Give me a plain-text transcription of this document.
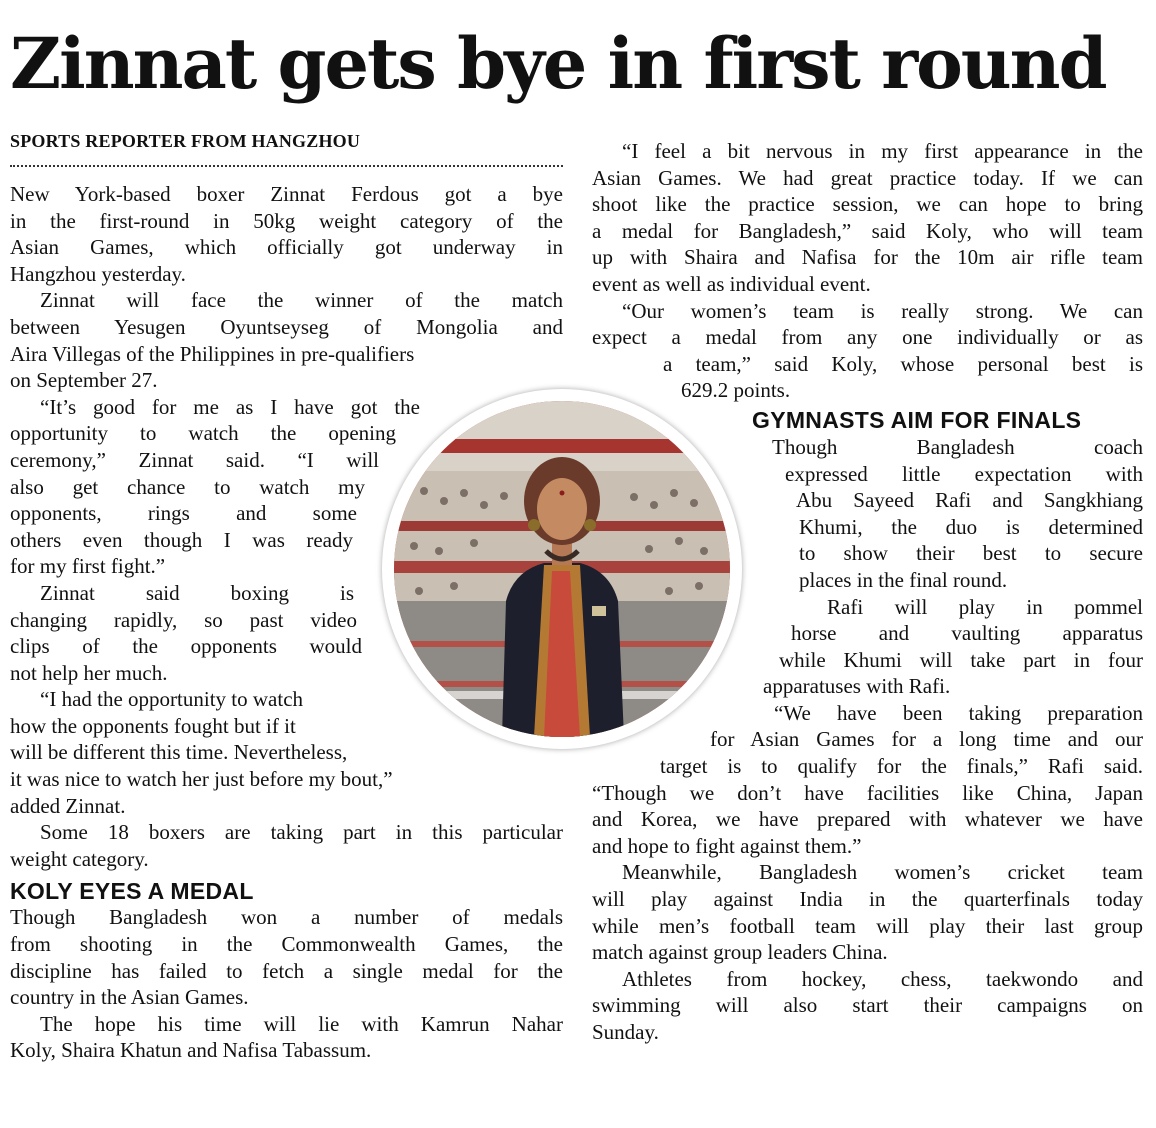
Zinnat gets bye in first round
SPORTS REPORTER FROM HANGZHOU

New York-based boxer Zinnat Ferdous got a bye
in the first-round in 50kg weight category of the
Asian Games, which officially got underway in
Hangzhou yesterday.

Zinnat will face the winner of the match
between Yesugen Oyuntseyseg of Mongolia and
Aira Villegas of the Philippines in pre-qualifiers
on September 27.

“It’s good for me as I have got the
opportunity to watch the opening
ceremony,” Zinnat said. “I will
also get chance to watch my
opponents, rings and some
others even though I was ready
for my first fight.”

Zinnat said boxing is
changing rapidly, so past video
clips of the opponents would
not help her much.

“I had the opportunity to watch
how the opponents fought but if it
will be different this time. Nevertheless,
it was nice to watch her just before my bout,”
added Zinnat.

Some 18 boxers are taking part in this particular
weight category.

KOLY EYES A MEDAL

Though Bangladesh won a number of medals
from shooting in the Commonwealth Games, the
discipline has failed to fetch a single medal for the
country in the Asian Games.

The hope his time will lie with Kamrun Nahar
Koly, Shaira Khatun and Nafisa Tabassum.

“I feel a bit nervous in my first appearance in the
Asian Games. We had great practice today. If we can
shoot like the practice session, we can hope to bring
a medal for Bangladesh,” said Koly, who will team
up with Shaira and Nafisa for the 10m air rifle team
event as well as individual event.

“Our women’s team is really strong. We can
expect a medal from any one individually or as
a team,” said Koly, whose personal best is
629.2 points.

GYMNASTS AIM FOR FINALS

Though Bangladesh coach
expressed little expectation with
Abu Sayeed Rafi and Sangkhiang
Khumi, the duo is determined
to show their best to secure
places in the final round.

Rafi will play in pommel
horse and vaulting apparatus
while Khumi will take part in four
apparatuses with Rafi.

“We have been taking preparation
for Asian Games for a long time and our
target is to qualify for the finals,” Rafi said.
“Though we don’t have facilities like China, Japan
and Korea, we have prepared with whatever we have
and hope to fight against them.”

Meanwhile, Bangladesh women’s cricket team
will play against India in the quarterfinals today
while men’s football team will play their last group
match against group leaders China.

Athletes from hockey, chess, taekwondo and
swimming will also start their campaigns on
Sunday.
